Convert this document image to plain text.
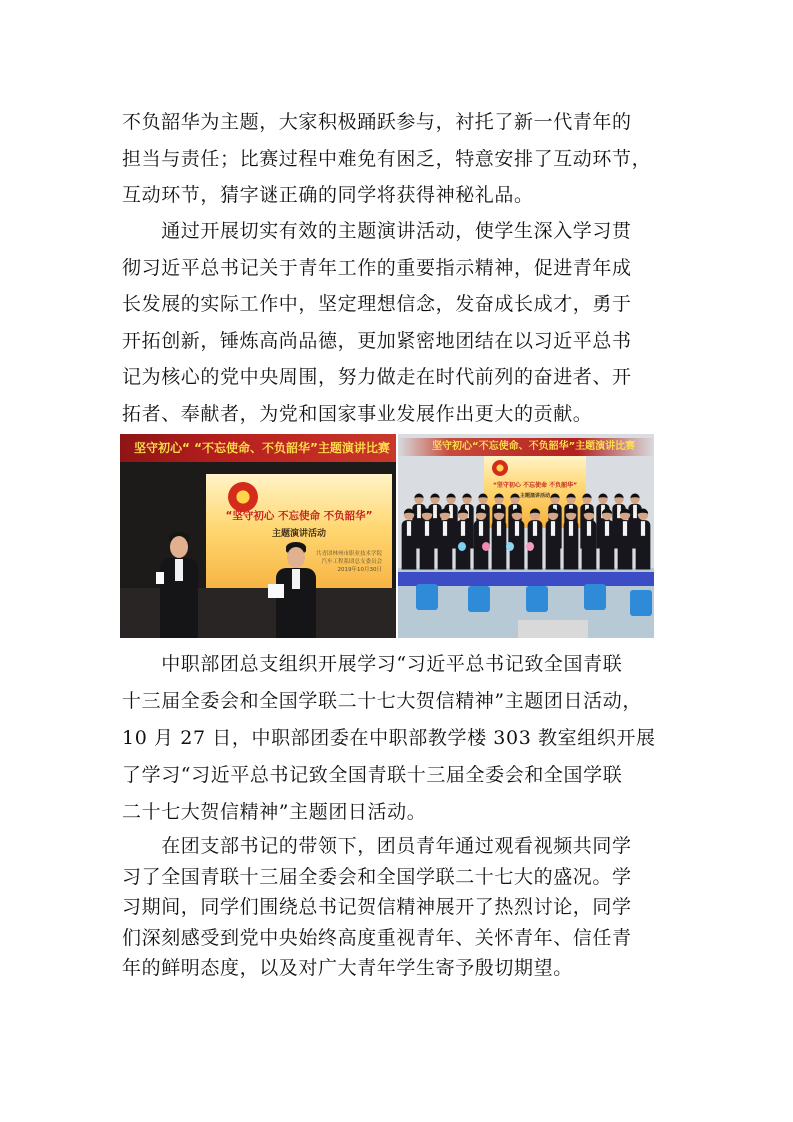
不负韶华为主题，大家积极踊跃参与，衬托了新一代青年的
担当与责任；比赛过程中难免有困乏，特意安排了互动环节，
互动环节，猜字谜正确的同学将获得神秘礼品。

　　通过开展切实有效的主题演讲活动，使学生深入学习贯
彻习近平总书记关于青年工作的重要指示精神，促进青年成
长发展的实际工作中，坚定理想信念，发奋成长成才，勇于
开拓创新，锤炼高尚品德，更加紧密地团结在以习近平总书
记为核心的党中央周围，努力做走在时代前列的奋进者、开
拓者、奉献者，为党和国家事业发展作出更大的贡献。

坚守初心“ “不忘使命、不负韶华”主题演讲比赛
“坚守初心 不忘使命 不负韶华”
主题演讲活动
共青团林州市职业技术学院
汽车工程系团总支委员会
2019年10月30日
坚守初心“不忘使命、不负韶华”主题演讲比赛
“坚守初心 不忘使命 不负韶华”
主题演讲活动

　　中职部团总支组织开展学习“习近平总书记致全国青联
十三届全委会和全国学联二十七大贺信精神”主题团日活动，
10 月 27 日，中职部团委在中职部教学楼 303 教室组织开展
了学习“习近平总书记致全国青联十三届全委会和全国学联
二十七大贺信精神”主题团日活动。

　　在团支部书记的带领下，团员青年通过观看视频共同学
习了全国青联十三届全委会和全国学联二十七大的盛况。学
习期间，同学们围绕总书记贺信精神展开了热烈讨论，同学
们深刻感受到党中央始终高度重视青年、关怀青年、信任青
年的鲜明态度，以及对广大青年学生寄予殷切期望。
